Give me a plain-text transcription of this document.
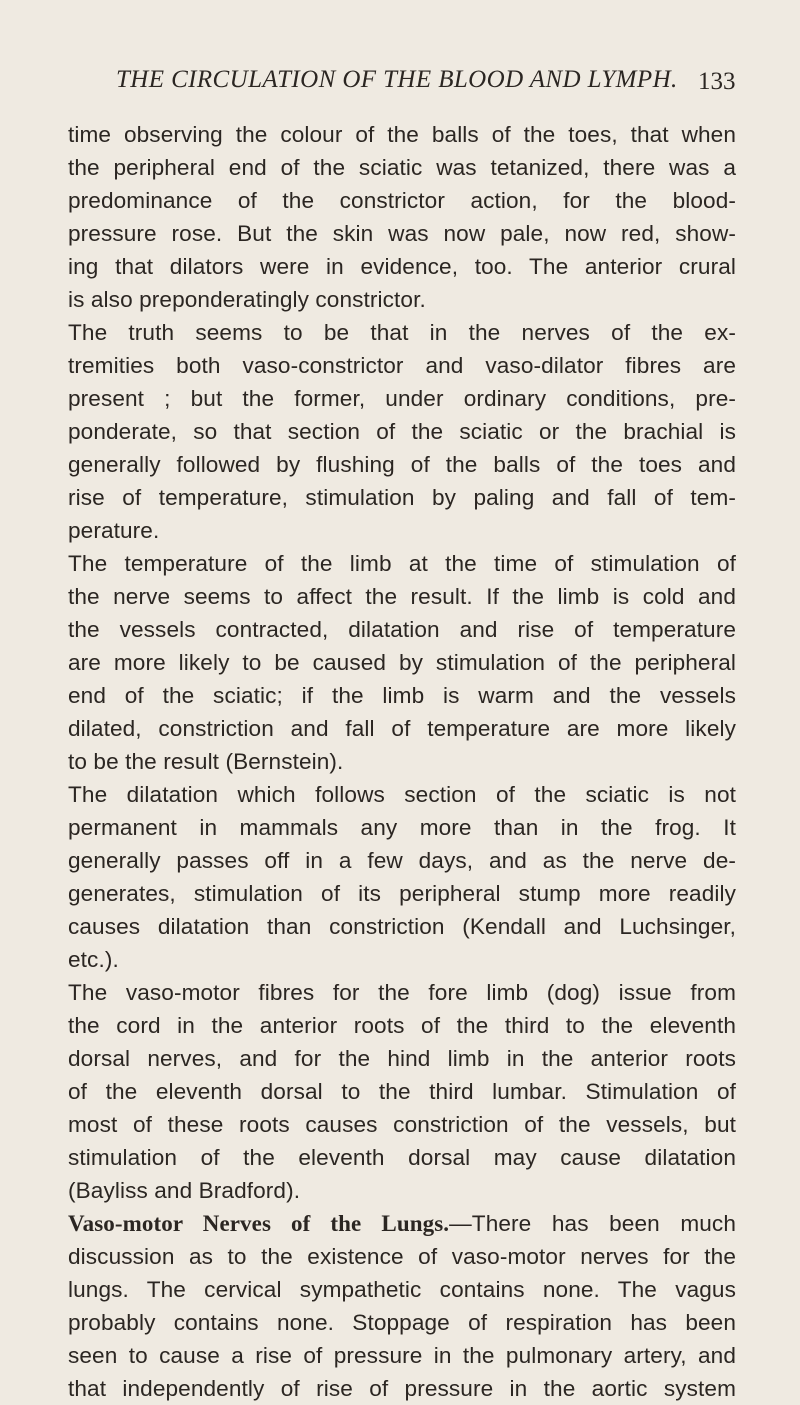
THE CIRCULATION OF THE BLOOD AND LYMPH. 133
time observing the colour of the balls of the toes, that when
the peripheral end of the sciatic was tetanized, there was a
predominance of the constrictor action, for the blood-
pressure rose. But the skin was now pale, now red, show-
ing that dilators were in evidence, too. The anterior crural
is also preponderatingly constrictor.
The truth seems to be that in the nerves of the ex-
tremities both vaso-constrictor and vaso-dilator fibres are
present ; but the former, under ordinary conditions, pre-
ponderate, so that section of the sciatic or the brachial is
generally followed by flushing of the balls of the toes and
rise of temperature, stimulation by paling and fall of tem-
perature.
The temperature of the limb at the time of stimulation of
the nerve seems to affect the result. If the limb is cold and
the vessels contracted, dilatation and rise of temperature
are more likely to be caused by stimulation of the peripheral
end of the sciatic; if the limb is warm and the vessels
dilated, constriction and fall of temperature are more likely
to be the result (Bernstein).
The dilatation which follows section of the sciatic is not
permanent in mammals any more than in the frog. It
generally passes off in a few days, and as the nerve de-
generates, stimulation of its peripheral stump more readily
causes dilatation than constriction (Kendall and Luchsinger,
etc.).
The vaso-motor fibres for the fore limb (dog) issue from
the cord in the anterior roots of the third to the eleventh
dorsal nerves, and for the hind limb in the anterior roots
of the eleventh dorsal to the third lumbar. Stimulation of
most of these roots causes constriction of the vessels, but
stimulation of the eleventh dorsal may cause dilatation
(Bayliss and Bradford).
Vaso-motor Nerves of the Lungs.—There has been much
discussion as to the existence of vaso-motor nerves for the
lungs. The cervical sympathetic contains none. The vagus
probably contains none. Stoppage of respiration has been
seen to cause a rise of pressure in the pulmonary artery, and
that independently of rise of pressure in the aortic system
